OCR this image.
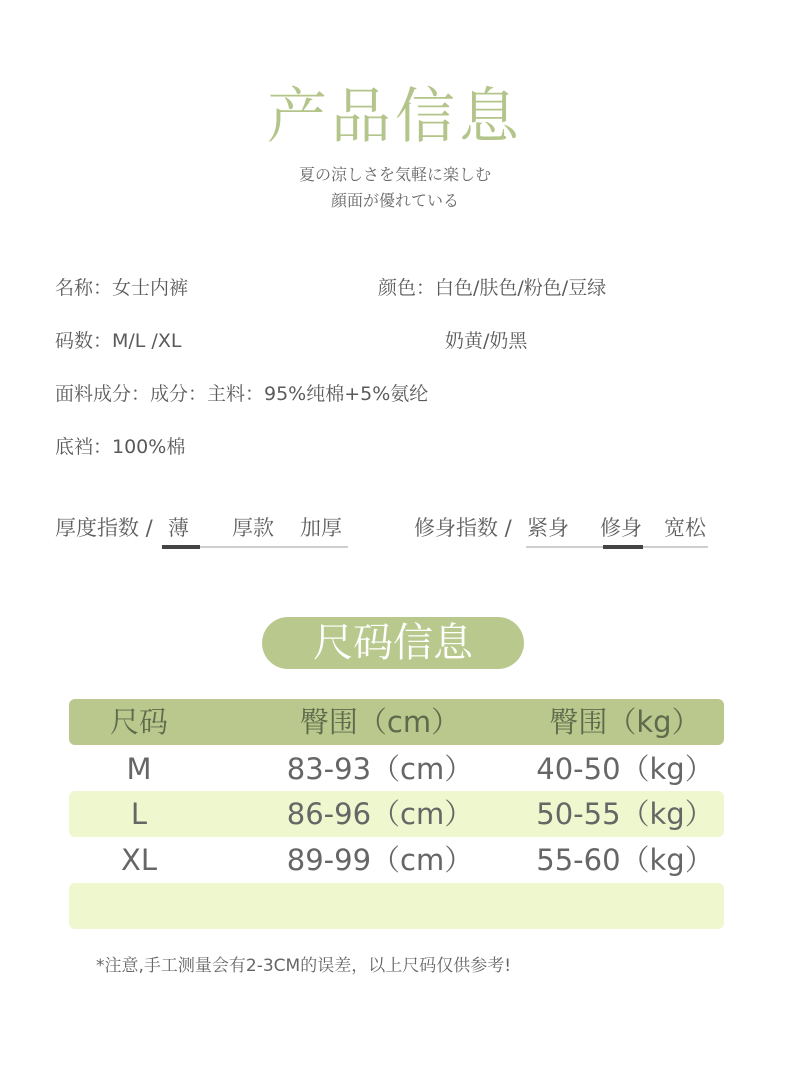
产品信息
夏の涼しさを気軽に楽しむ
顔面が優れている
名称：女士内裤	颜色：白色/肤色/粉色/豆绿
码数：M/L /XL	奶黄/奶黑
面料成分：成分：主料：95%纯棉+5%氨纶
底裆：100%棉
厚度指数 / 薄 厚款 加厚	修身指数 / 紧身 修身 宽松
尺码信息
尺码	臀围（cm）	臀围（kg）
M	83-93（cm）	40-50（kg）
L	86-96（cm）	50-55（kg）
XL	89-99（cm）	55-60（kg）
*注意,手工测量会有2-3CM的误差，以上尺码仅供参考!
